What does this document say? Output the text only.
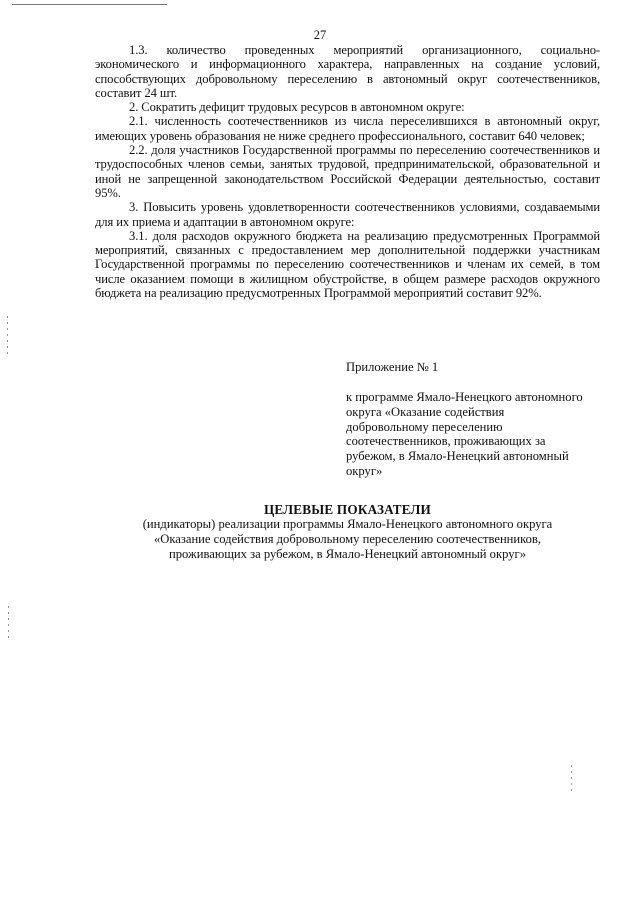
27

1.3. количество проведенных мероприятий организационного, социально-экономического и информационного характера, направленных на создание условий, способствующих добровольному переселению в автономный округ соотечественников, составит 24 шт.

2. Сократить дефицит трудовых ресурсов в автономном округе:

2.1. численность соотечественников из числа переселившихся в автономный округ, имеющих уровень образования не ниже среднего профессионального, составит 640 человек;

2.2. доля участников Государственной программы по переселению соотечественников и трудоспособных членов семьи, занятых трудовой, предпринимательской, образовательной и иной не запрещенной законодательством Российской Федерации деятельностью, составит 95%.

3. Повысить уровень удовлетворенности соотечественников условиями, создаваемыми для их приема и адаптации в автономном округе:

3.1. доля расходов окружного бюджета на реализацию предусмотренных Программой мероприятий, связанных с предоставлением мер дополнительной поддержки участникам Государственной программы по переселению соотечественников и членам их семей, в том числе оказанием помощи в жилищном обустройстве, в общем размере расходов окружного бюджета на реализацию предусмотренных Программой мероприятий составит 92%.

Приложение № 1
к программе Ямало-Ненецкого автономного округа «Оказание содействия добровольному переселению соотечественников, проживающих за рубежом, в Ямало-Ненецкий автономный округ»
ЦЕЛЕВЫЕ ПОКАЗАТЕЛИ
(индикаторы) реализации программы Ямало-Ненецкого автономного округа
«Оказание содействия добровольному переселению соотечественников,
проживающих за рубежом, в Ямало-Ненецкий автономный округ»
